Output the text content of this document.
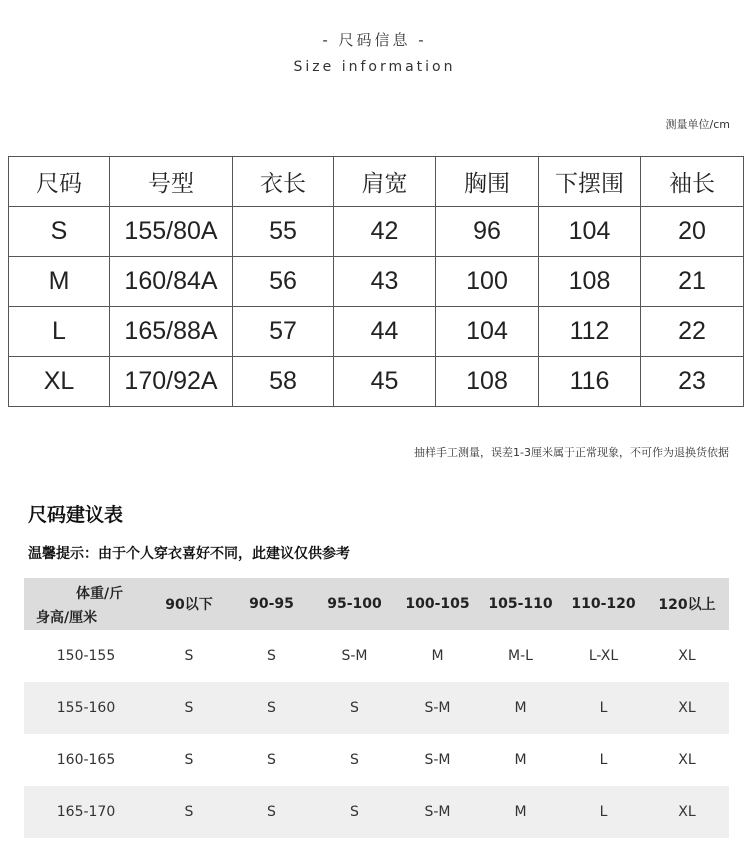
- 尺码信息 -
Size information
测量单位/cm
尺码	号型	衣长	肩宽	胸围	下摆围	袖长
S	155/80A	55	42	96	104	20
M	160/84A	56	43	100	108	21
L	165/88A	57	44	104	112	22
XL	170/92A	58	45	108	116	23
抽样手工测量，误差1-3厘米属于正常现象，不可作为退换货依据
尺码建议表
温馨提示：由于个人穿衣喜好不同，此建议仅供参考
体重/斤
身高/厘米	90以下	90-95	95-100	100-105	105-110	110-120	120以上
150-155	S	S	S-M	M	M-L	L-XL	XL
155-160	S	S	S	S-M	M	L	XL
160-165	S	S	S	S-M	M	L	XL
165-170	S	S	S	S-M	M	L	XL
